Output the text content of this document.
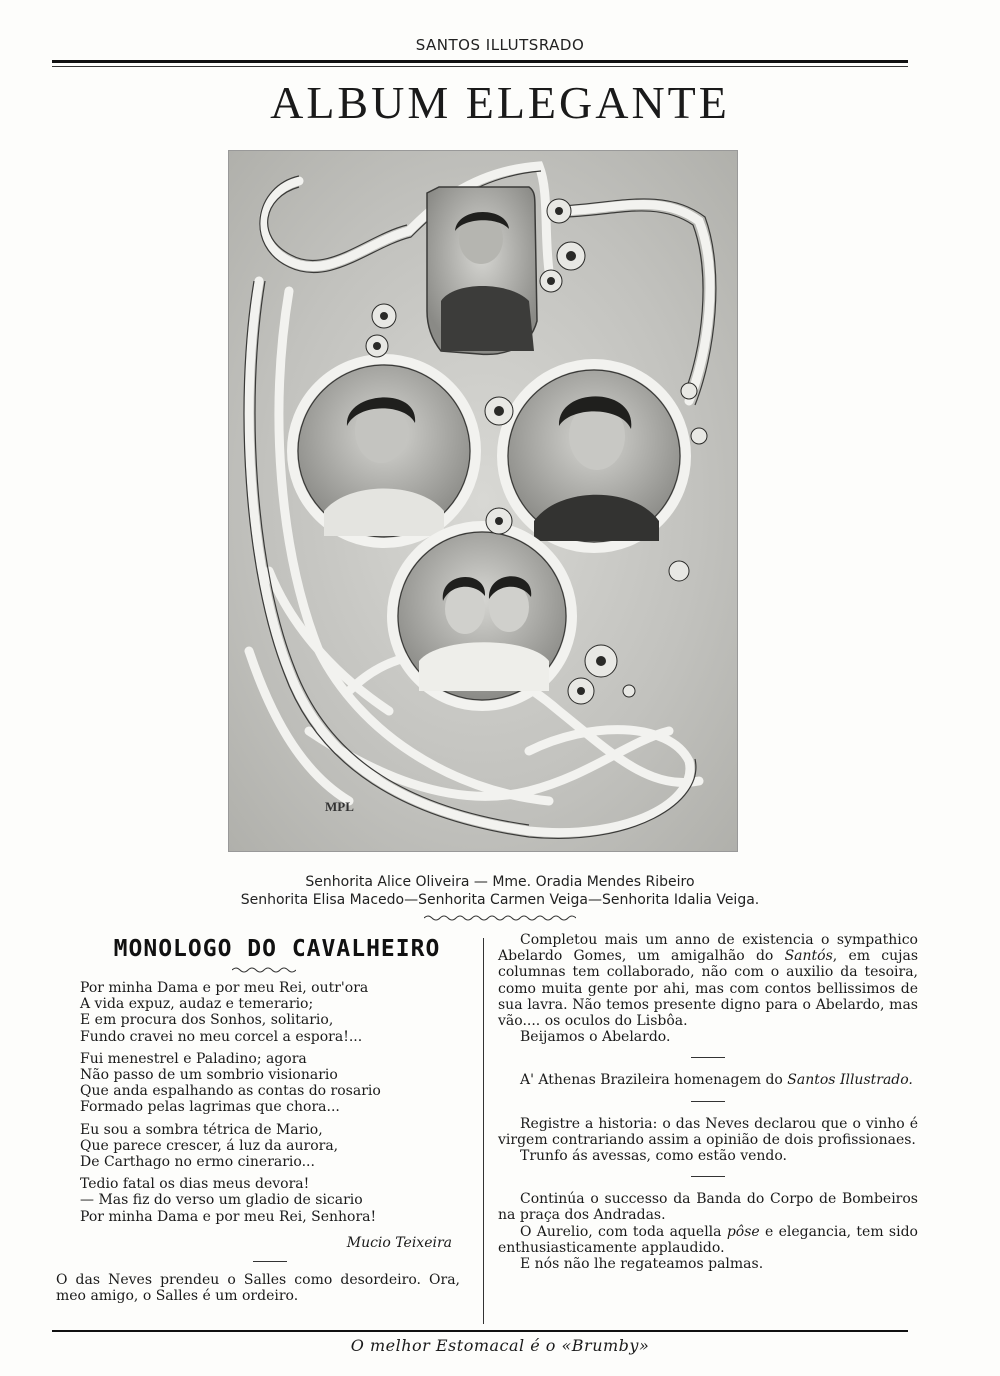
SANTOS ILLUTSRADO
ALBUM ELEGANTE
MPL
Senhorita Alice Oliveira — Mme. Oradia Mendes Ribeiro
Senhorita Elisa Macedo—Senhorita Carmen Veiga—Senhorita Idalia Veiga.
MONOLOGO DO CAVALHEIRO
Por minha Dama e por meu Rei, outr'ora
A vida expuz, audaz e temerario;
E em procura dos Sonhos, solitario,
Fundo cravei no meu corcel a espora!...
Fui menestrel e Paladino; agora
Não passo de um sombrio visionario
Que anda espalhando as contas do rosario
Formado pelas lagrimas que chora...
Eu sou a sombra tétrica de Mario,
Que parece crescer, á luz da aurora,
De Carthago no ermo cinerario...
Tedio fatal os dias meus devora!
— Mas fiz do verso um gladio de sicario
Por minha Dama e por meu Rei, Senhora!
Mucio Teixeira
O das Neves prendeu o Salles como desordeiro. Ora, meo amigo, o Salles é um ordeiro.
Completou mais um anno de existencia o sympathico Abelardo Gomes, um amigalhão do Santós, em cujas columnas tem collaborado, não com o auxilio da tesoira, como muita gente por ahi, mas com contos bellissimos de sua lavra. Não temos presente digno para o Abelardo, mas vão.... os oculos do Lisbôa.
Beijamos o Abelardo.
A' Athenas Brazileira homenagem do Santos Illustrado.
Registre a historia: o das Neves declarou que o vinho é virgem contrariando assim a opinião de dois profissionaes.
Trunfo ás avessas, como estão vendo.
Continúa o successo da Banda do Corpo de Bombeiros na praça dos Andradas.
O Aurelio, com toda aquella pôse e elegancia, tem sido enthusiasticamente applaudido.
E nós não lhe regateamos palmas.
O melhor Estomacal é o «Brumby»
